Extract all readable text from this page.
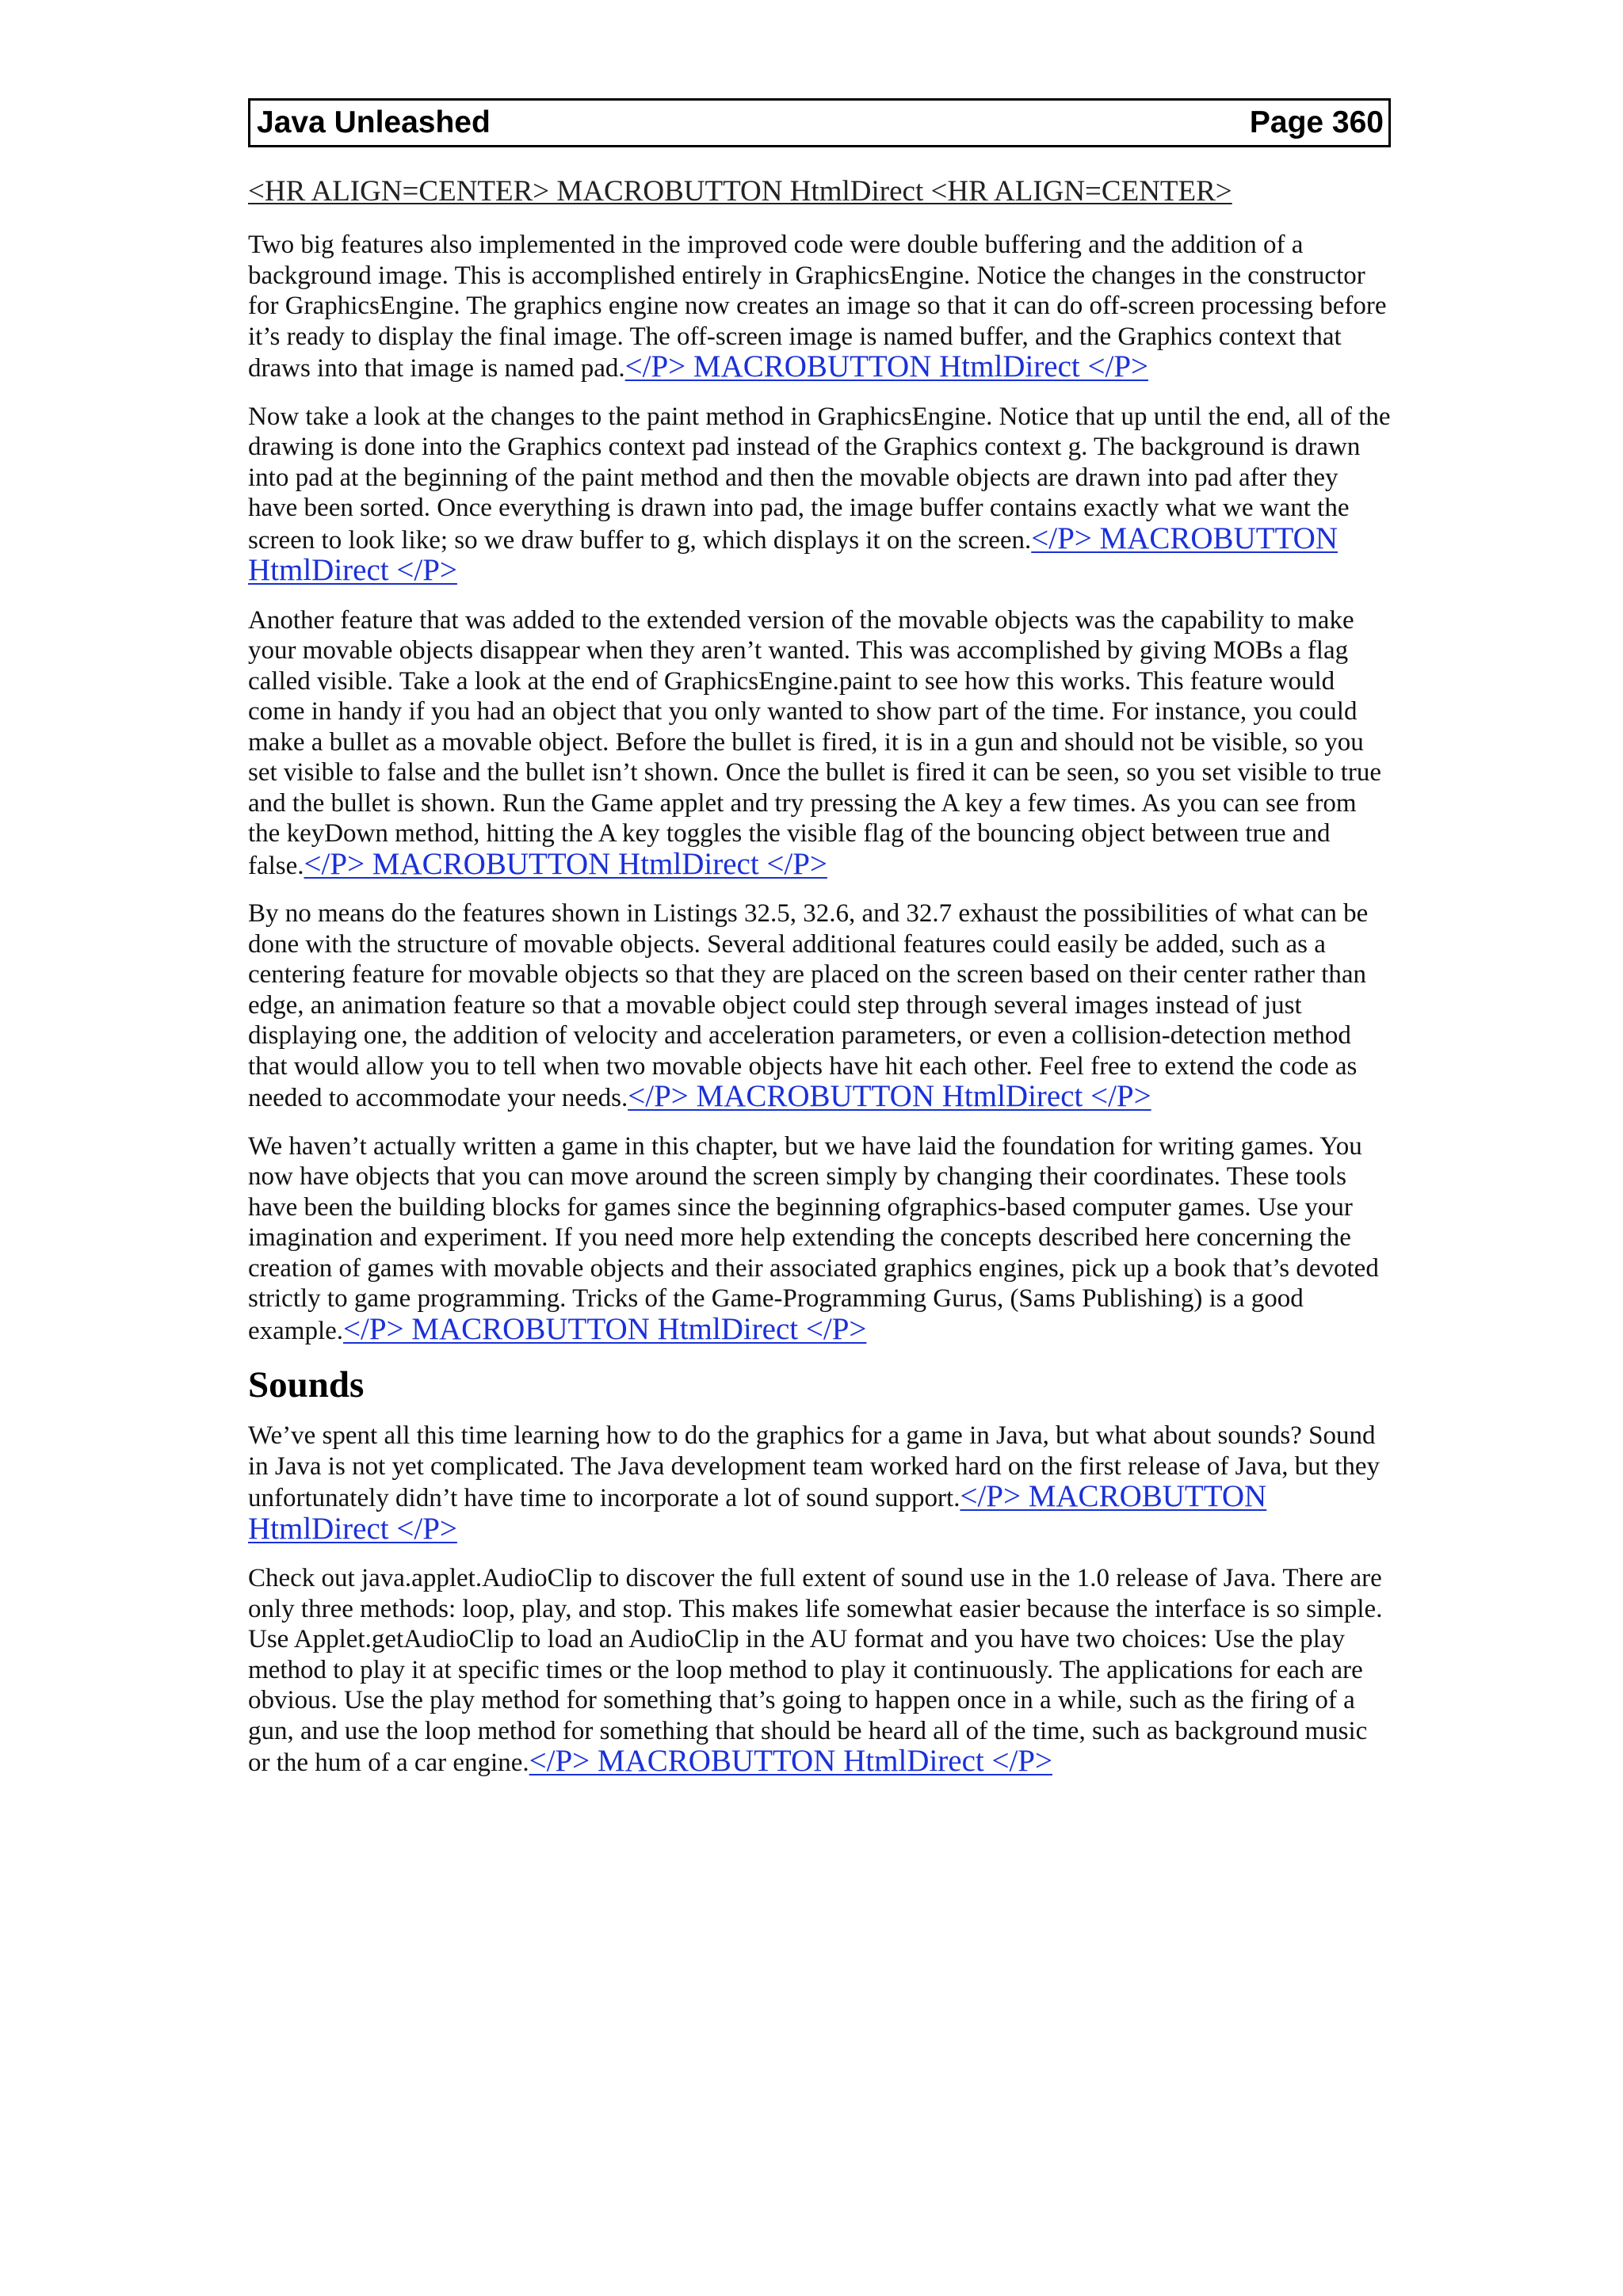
Java Unleashed	Page 360
<HR ALIGN=CENTER> MACROBUTTON HtmlDirect <HR ALIGN=CENTER>

Two big features also implemented in the improved code were double buffering and the addition of a background image. This is accomplished entirely in GraphicsEngine. Notice the changes in the constructor for GraphicsEngine. The graphics engine now creates an image so that it can do off-screen processing before it’s ready to display the final image. The off-screen image is named buffer, and the Graphics context that draws into that image is named pad.</P> MACROBUTTON HtmlDirect </P>

Now take a look at the changes to the paint method in GraphicsEngine. Notice that up until the end, all of the drawing is done into the Graphics context pad instead of the Graphics context g. The background is drawn into pad at the beginning of the paint method and then the movable objects are drawn into pad after they have been sorted. Once everything is drawn into pad, the image buffer contains exactly what we want the screen to look like; so we draw buffer to g, which displays it on the screen.</P> MACROBUTTON HtmlDirect </P>

Another feature that was added to the extended version of the movable objects was the capability to make your movable objects disappear when they aren’t wanted. This was accomplished by giving MOBs a flag called visible. Take a look at the end of GraphicsEngine.paint to see how this works. This feature would come in handy if you had an object that you only wanted to show part of the time. For instance, you could make a bullet as a movable object. Before the bullet is fired, it is in a gun and should not be visible, so you set visible to false and the bullet isn’t shown. Once the bullet is fired it can be seen, so you set visible to true and the bullet is shown. Run the Game applet and try pressing the A key a few times. As you can see from the keyDown method, hitting the A key toggles the visible flag of the bouncing object between true and false.</P> MACROBUTTON HtmlDirect </P>

By no means do the features shown in Listings 32.5, 32.6, and 32.7 exhaust the possibilities of what can be done with the structure of movable objects. Several additional features could easily be added, such as a centering feature for movable objects so that they are placed on the screen based on their center rather than edge, an animation feature so that a movable object could step through several images instead of just displaying one, the addition of velocity and acceleration parameters, or even a collision-detection method that would allow you to tell when two movable objects have hit each other. Feel free to extend the code as needed to accommodate your needs.</P> MACROBUTTON HtmlDirect </P>

We haven’t actually written a game in this chapter, but we have laid the foundation for writing games. You now have objects that you can move around the screen simply by changing their coordinates. These tools have been the building blocks for games since the beginning ofgraphics-based computer games. Use your imagination and experiment. If you need more help extending the concepts described here concerning the creation of games with movable objects and their associated graphics engines, pick up a book that’s devoted strictly to game programming. Tricks of the Game-Programming Gurus, (Sams Publishing) is a good example.</P> MACROBUTTON HtmlDirect </P>

Sounds

We’ve spent all this time learning how to do the graphics for a game in Java, but what about sounds? Sound in Java is not yet complicated. The Java development team worked hard on the first release of Java, but they unfortunately didn’t have time to incorporate a lot of sound support.</P> MACROBUTTON HtmlDirect </P>

Check out java.applet.AudioClip to discover the full extent of sound use in the 1.0 release of Java. There are only three methods: loop, play, and stop. This makes life somewhat easier because the interface is so simple. Use Applet.getAudioClip to load an AudioClip in the AU format and you have two choices: Use the play method to play it at specific times or the loop method to play it continuously. The applications for each are obvious. Use the play method for something that’s going to happen once in a while, such as the firing of a gun, and use the loop method for something that should be heard all of the time, such as background music or the hum of a car engine.</P> MACROBUTTON HtmlDirect </P>
